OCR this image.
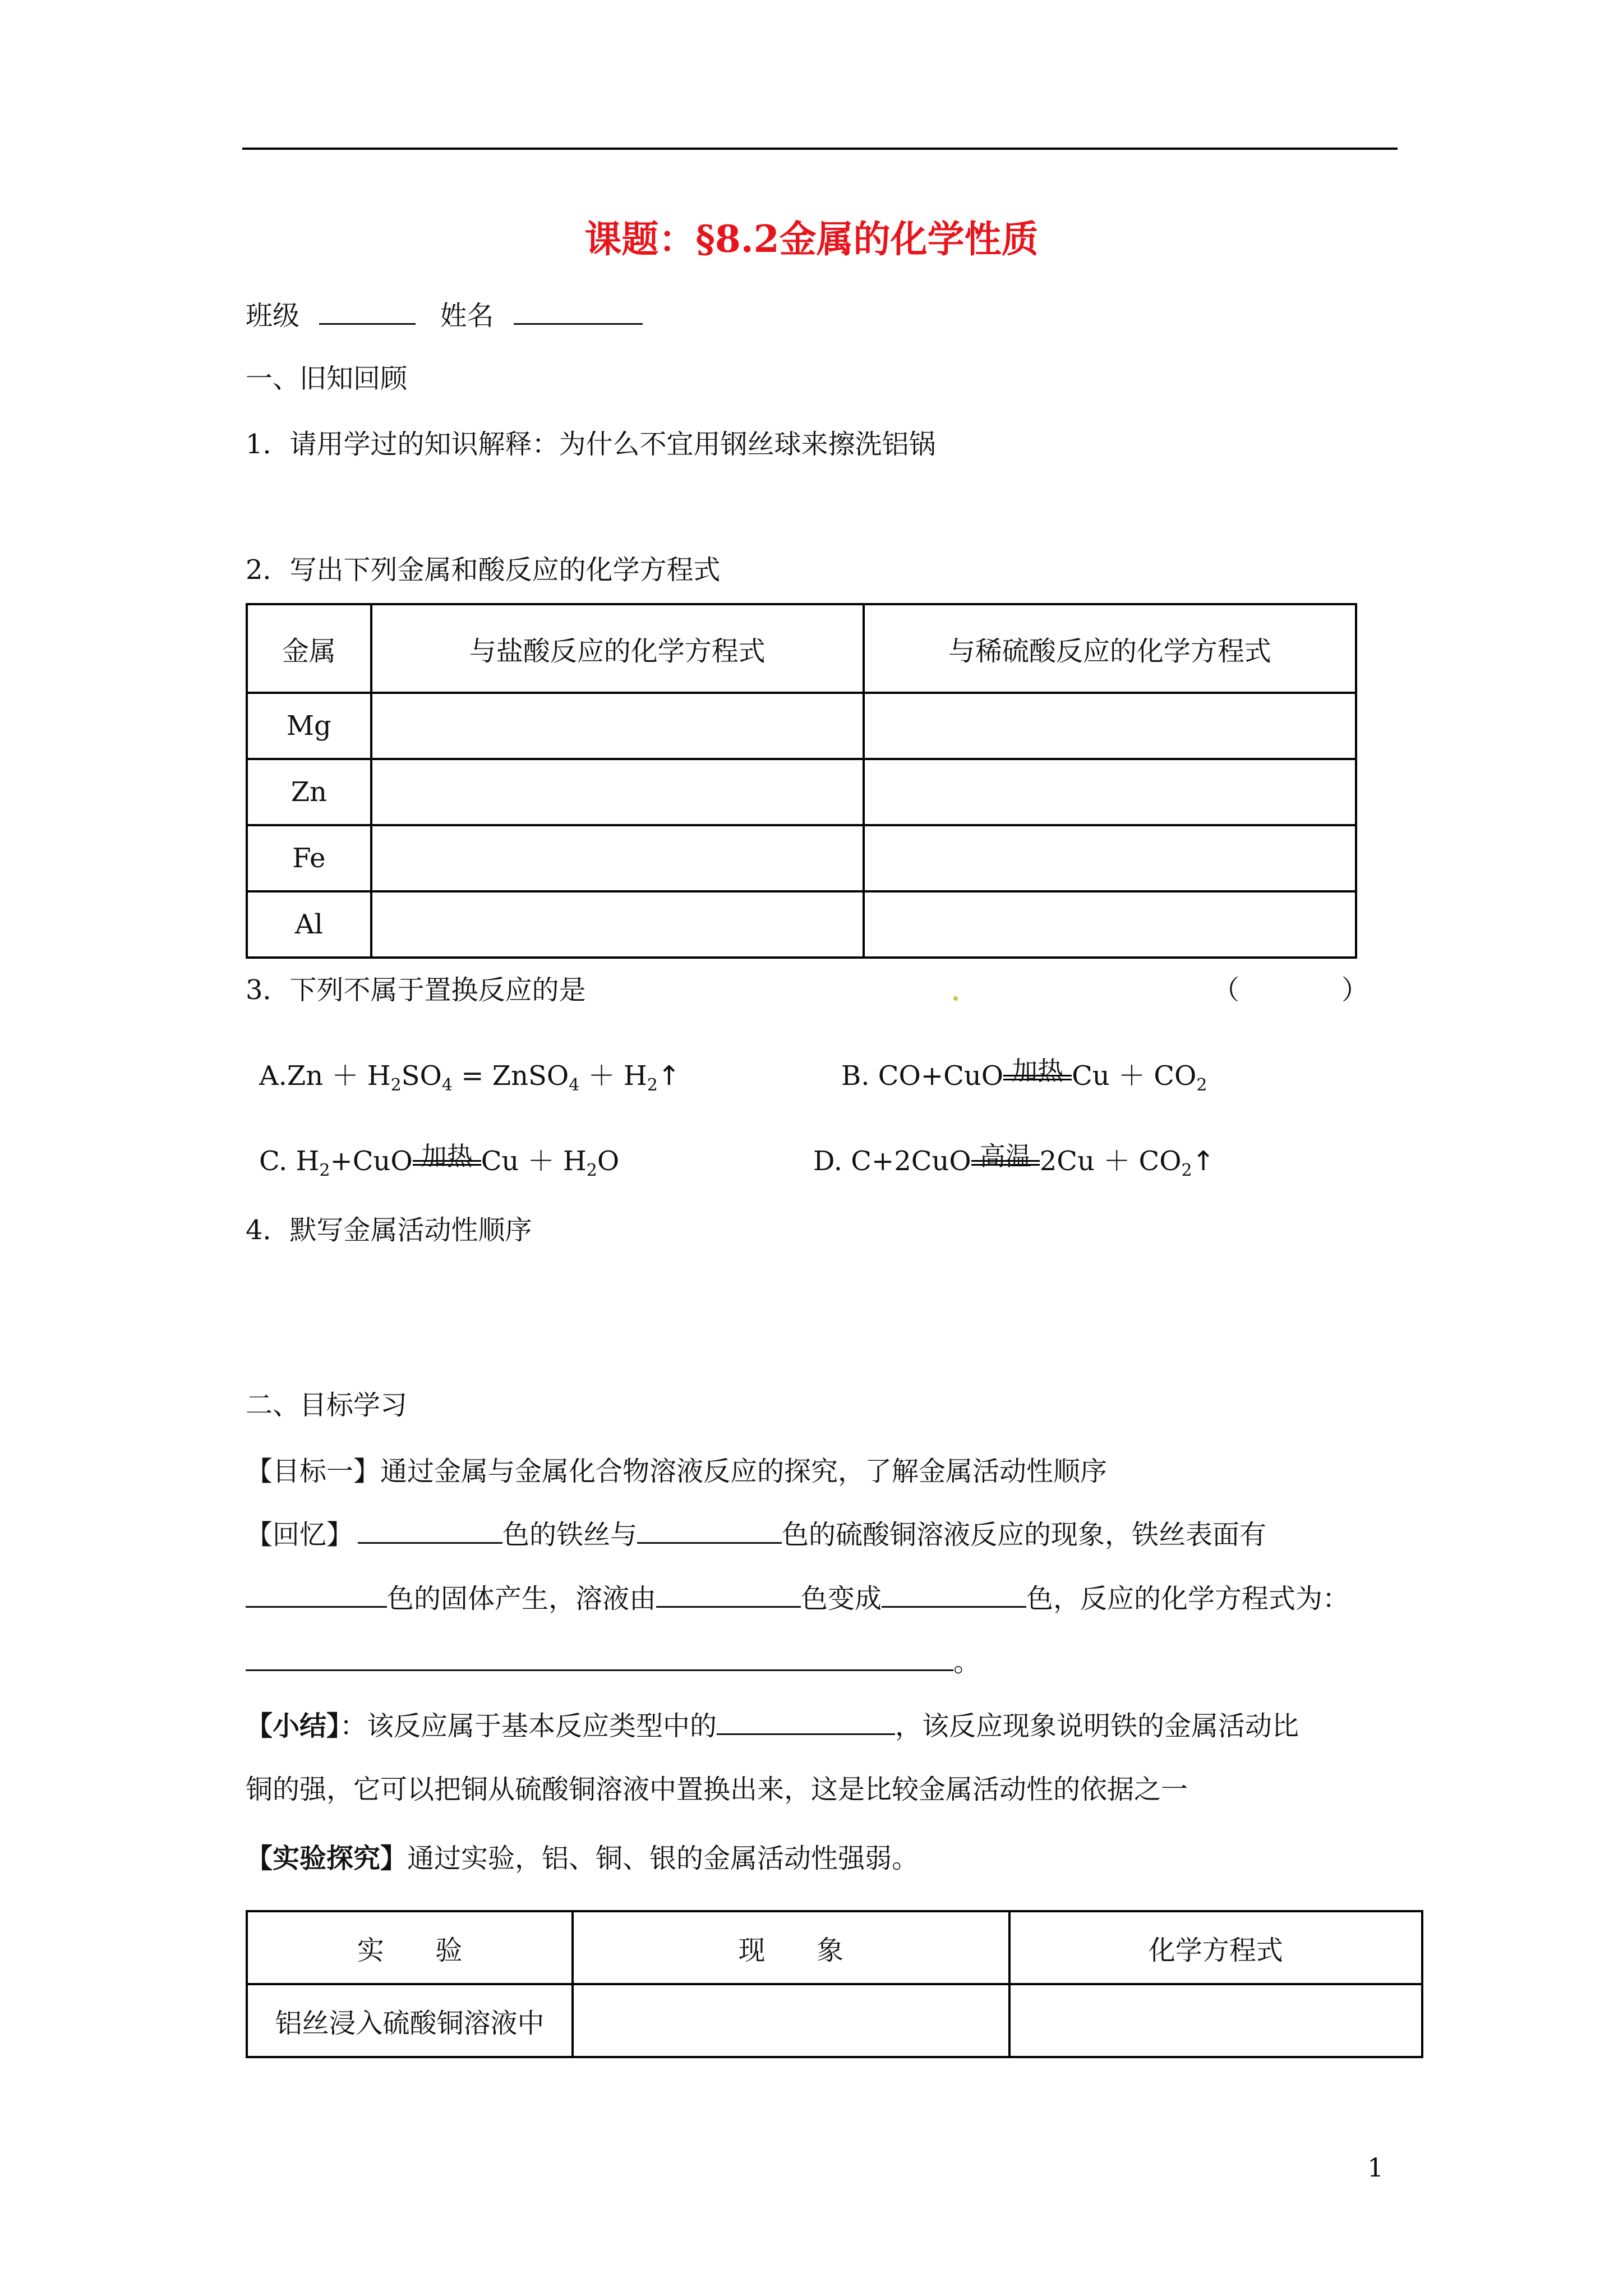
课题：§8.2金属的化学性质
班级	姓名
一、旧知回顾
1．请用学过的知识解释：为什么不宜用钢丝球来擦洗铝锅
2．写出下列金属和酸反应的化学方程式
金属	与盐酸反应的化学方程式	与稀硫酸反应的化学方程式
Mg		
Zn		
Fe		
Al		
3．下列不属于置换反应的是	（	）
$A.Zn + H_2SO_4$ = ZnSO$_4$ ＋ $H_2↑$	B. CO+CuO 加热 $Cu + CO_2$
C. $H_2+CuO$ 加热 $Cu + H_2O$	D. C+2CuO 高温 $2Cu + CO_2↑$
4．默写金属活动性顺序
二、目标学习
【目标一】通过金属与金属化合物溶液反应的探究，了解金属活动性顺序
【回忆】	色的铁丝与	色的硫酸铜溶液反应的现象，铁丝表面有
色的固体产生，溶液由	色变成	色，反应的化学方程式为：
。
【小结】：该反应属于基本反应类型中的	，该反应现象说明铁的金属活动比
铜的强，它可以把铜从硫酸铜溶液中置换出来，这是比较金属活动性的依据之一
【实验探究】通过实验，铝、铜、银的金属活动性强弱。
实      验	现      象	化学方程式
铝丝浸入硫酸铜溶液中		
1
